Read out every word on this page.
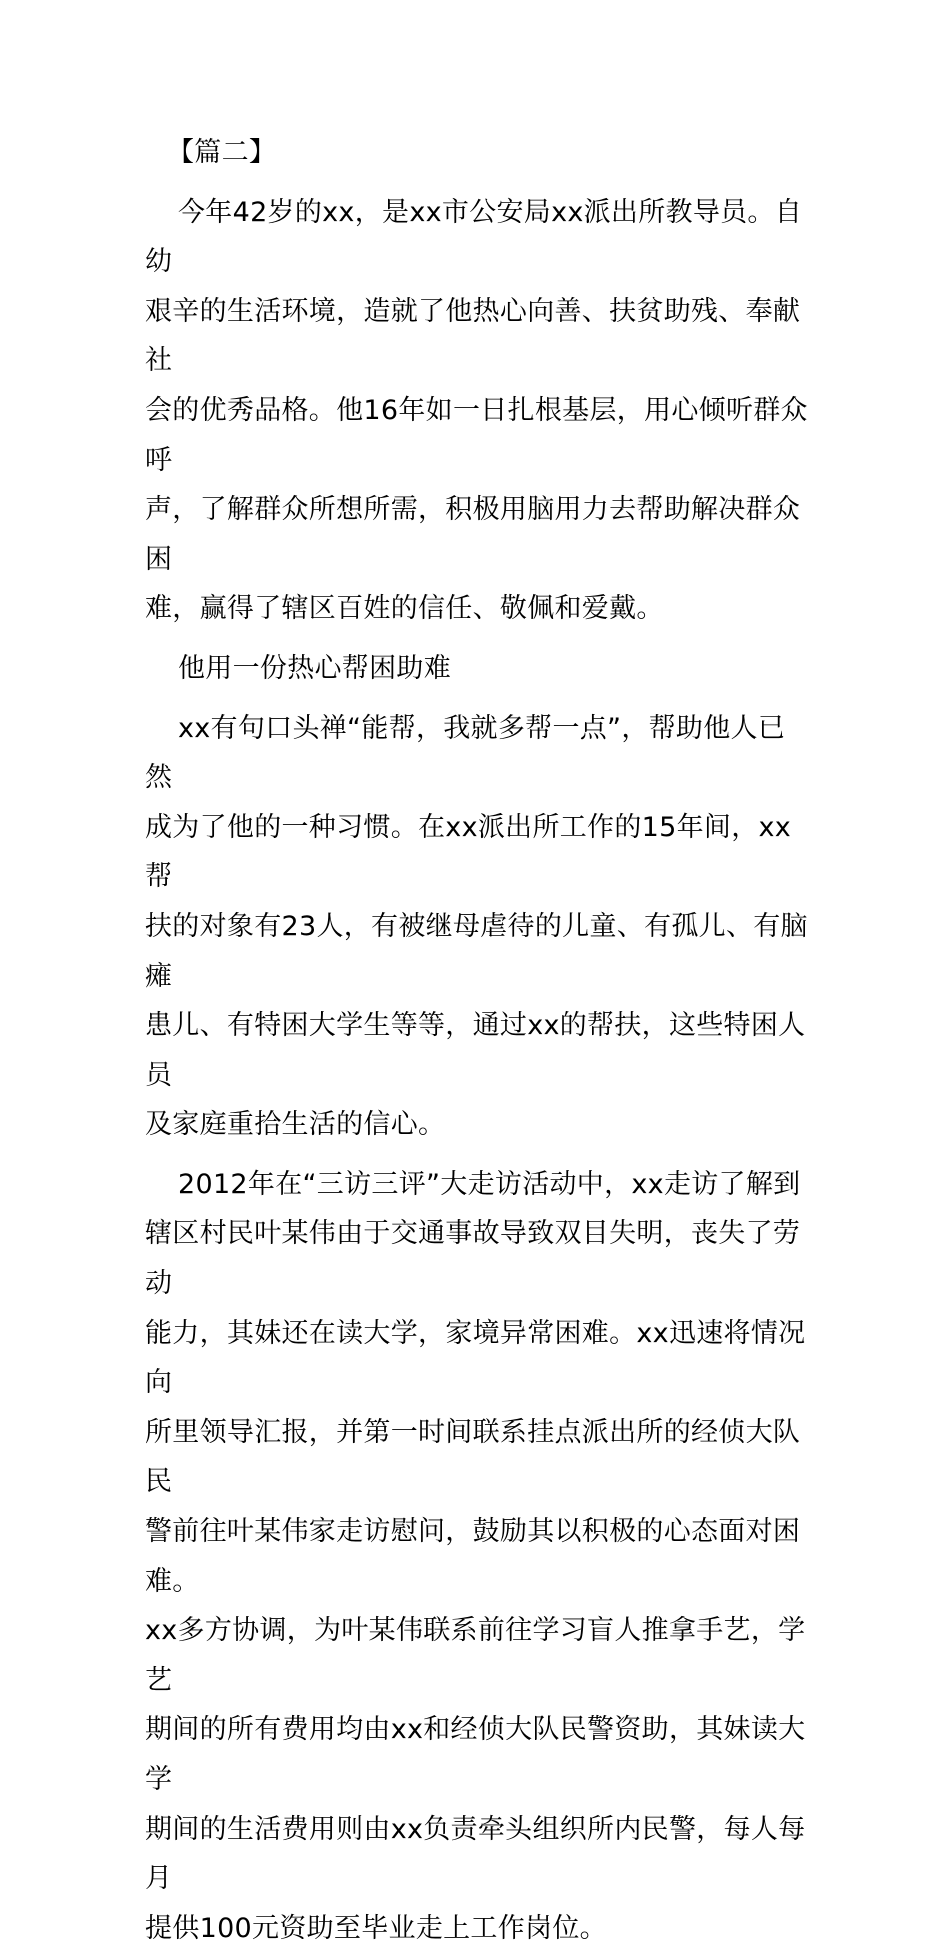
【篇二】

今年42岁的xx，是xx市公安局xx派出所教导员。自幼
艰辛的生活环境，造就了他热心向善、扶贫助残、奉献社
会的优秀品格。他16年如一日扎根基层，用心倾听群众呼
声，了解群众所想所需，积极用脑用力去帮助解决群众困
难，赢得了辖区百姓的信任、敬佩和爱戴。

他用一份热心帮困助难

xx有句口头禅“能帮，我就多帮一点”，帮助他人已然
成为了他的一种习惯。在xx派出所工作的15年间，xx帮
扶的对象有23人，有被继母虐待的儿童、有孤儿、有脑瘫
患儿、有特困大学生等等，通过xx的帮扶，这些特困人员
及家庭重拾生活的信心。

2012年在“三访三评”大走访活动中，xx走访了解到
辖区村民叶某伟由于交通事故导致双目失明，丧失了劳动
能力，其妹还在读大学，家境异常困难。xx迅速将情况向
所里领导汇报，并第一时间联系挂点派出所的经侦大队民
警前往叶某伟家走访慰问，鼓励其以积极的心态面对困难。
xx多方协调，为叶某伟联系前往学习盲人推拿手艺，学艺
期间的所有费用均由xx和经侦大队民警资助，其妹读大学
期间的生活费用则由xx负责牵头组织所内民警，每人每月
提供100元资助至毕业走上工作岗位。
